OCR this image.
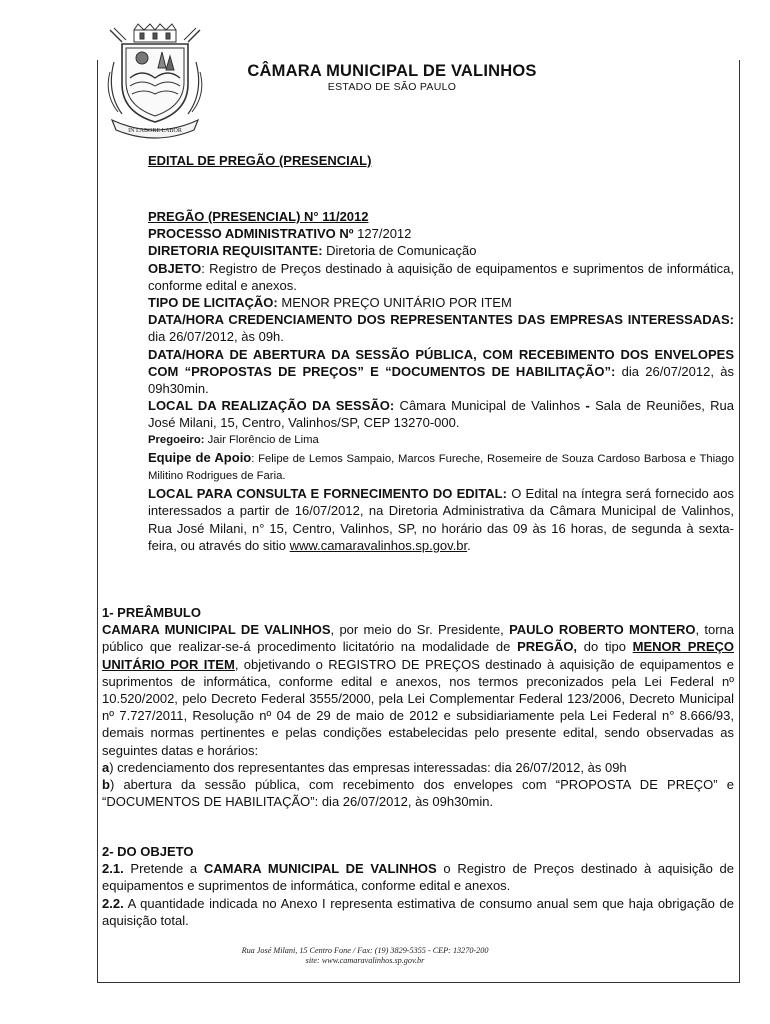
IN LABORE LABOR
CÂMARA MUNICIPAL DE VALINHOS
ESTADO DE SÃO PAULO
EDITAL DE PREGÃO (PRESENCIAL)

PREGÃO (PRESENCIAL) N° 11/2012

PROCESSO ADMINISTRATIVO Nº 127/2012

DIRETORIA REQUISITANTE: Diretoria de Comunicação

OBJETO: Registro de Preços destinado à aquisição de equipamentos e suprimentos de informática, conforme edital e anexos.

TIPO DE LICITAÇÃO: MENOR PREÇO UNITÁRIO POR ITEM

DATA/HORA CREDENCIAMENTO DOS REPRESENTANTES DAS EMPRESAS INTERESSADAS: dia 26/07/2012, às 09h.

DATA/HORA DE ABERTURA DA SESSÃO PÚBLICA, COM RECEBIMENTO DOS ENVELOPES COM “PROPOSTAS DE PREÇOS” E “DOCUMENTOS DE HABILITAÇÃO”: dia 26/07/2012, às 09h30min.

LOCAL DA REALIZAÇÃO DA SESSÃO: Câmara Municipal de Valinhos - Sala de Reuniões, Rua José Milani, 15, Centro, Valinhos/SP, CEP 13270-000.

Pregoeiro: Jair Florêncio de Lima

Equipe de Apoio: Felipe de Lemos Sampaio, Marcos Fureche, Rosemeire de Souza Cardoso Barbosa e Thiago Militino Rodrigues de Faria.

LOCAL PARA CONSULTA E FORNECIMENTO DO EDITAL: O Edital na íntegra será fornecido aos interessados a partir de 16/07/2012, na Diretoria Administrativa da Câmara Municipal de Valinhos, Rua José Milani, n° 15, Centro, Valinhos, SP, no horário das 09 às 16 horas, de segunda à sexta-feira, ou através do sitio www.camaravalinhos.sp.gov.br.

1- PREÂMBULO

CAMARA MUNICIPAL DE VALINHOS, por meio do Sr. Presidente, PAULO ROBERTO MONTERO, torna público que realizar-se-á procedimento licitatório na modalidade de PREGÃO, do tipo MENOR PREÇO UNITÁRIO POR ITEM, objetivando o REGISTRO DE PREÇOS destinado à aquisição de equipamentos e suprimentos de informática, conforme edital e anexos, nos termos preconizados pela Lei Federal nº 10.520/2002, pelo Decreto Federal 3555/2000, pela Lei Complementar Federal 123/2006, Decreto Municipal nº 7.727/2011, Resolução nº 04 de 29 de maio de 2012 e subsidiariamente pela Lei Federal n° 8.666/93, demais normas pertinentes e pelas condições estabelecidas pelo presente edital, sendo observadas as seguintes datas e horários:

a) credenciamento dos representantes das empresas interessadas: dia 26/07/2012, às 09h

b) abertura da sessão pública, com recebimento dos envelopes com “PROPOSTA DE PREÇO” e “DOCUMENTOS DE HABILITAÇÃO”: dia 26/07/2012, às 09h30min.

2- DO OBJETO

2.1. Pretende a CAMARA MUNICIPAL DE VALINHOS o Registro de Preços destinado à aquisição de equipamentos e suprimentos de informática, conforme edital e anexos.

2.2. A quantidade indicada no Anexo I representa estimativa de consumo anual sem que haja obrigação de aquisição total.

Rua José Milani, 15 Centro Fone / Fax: (19) 3829-5355 - CEP: 13270-200
site: www.camaravalinhos.sp.gov.br
